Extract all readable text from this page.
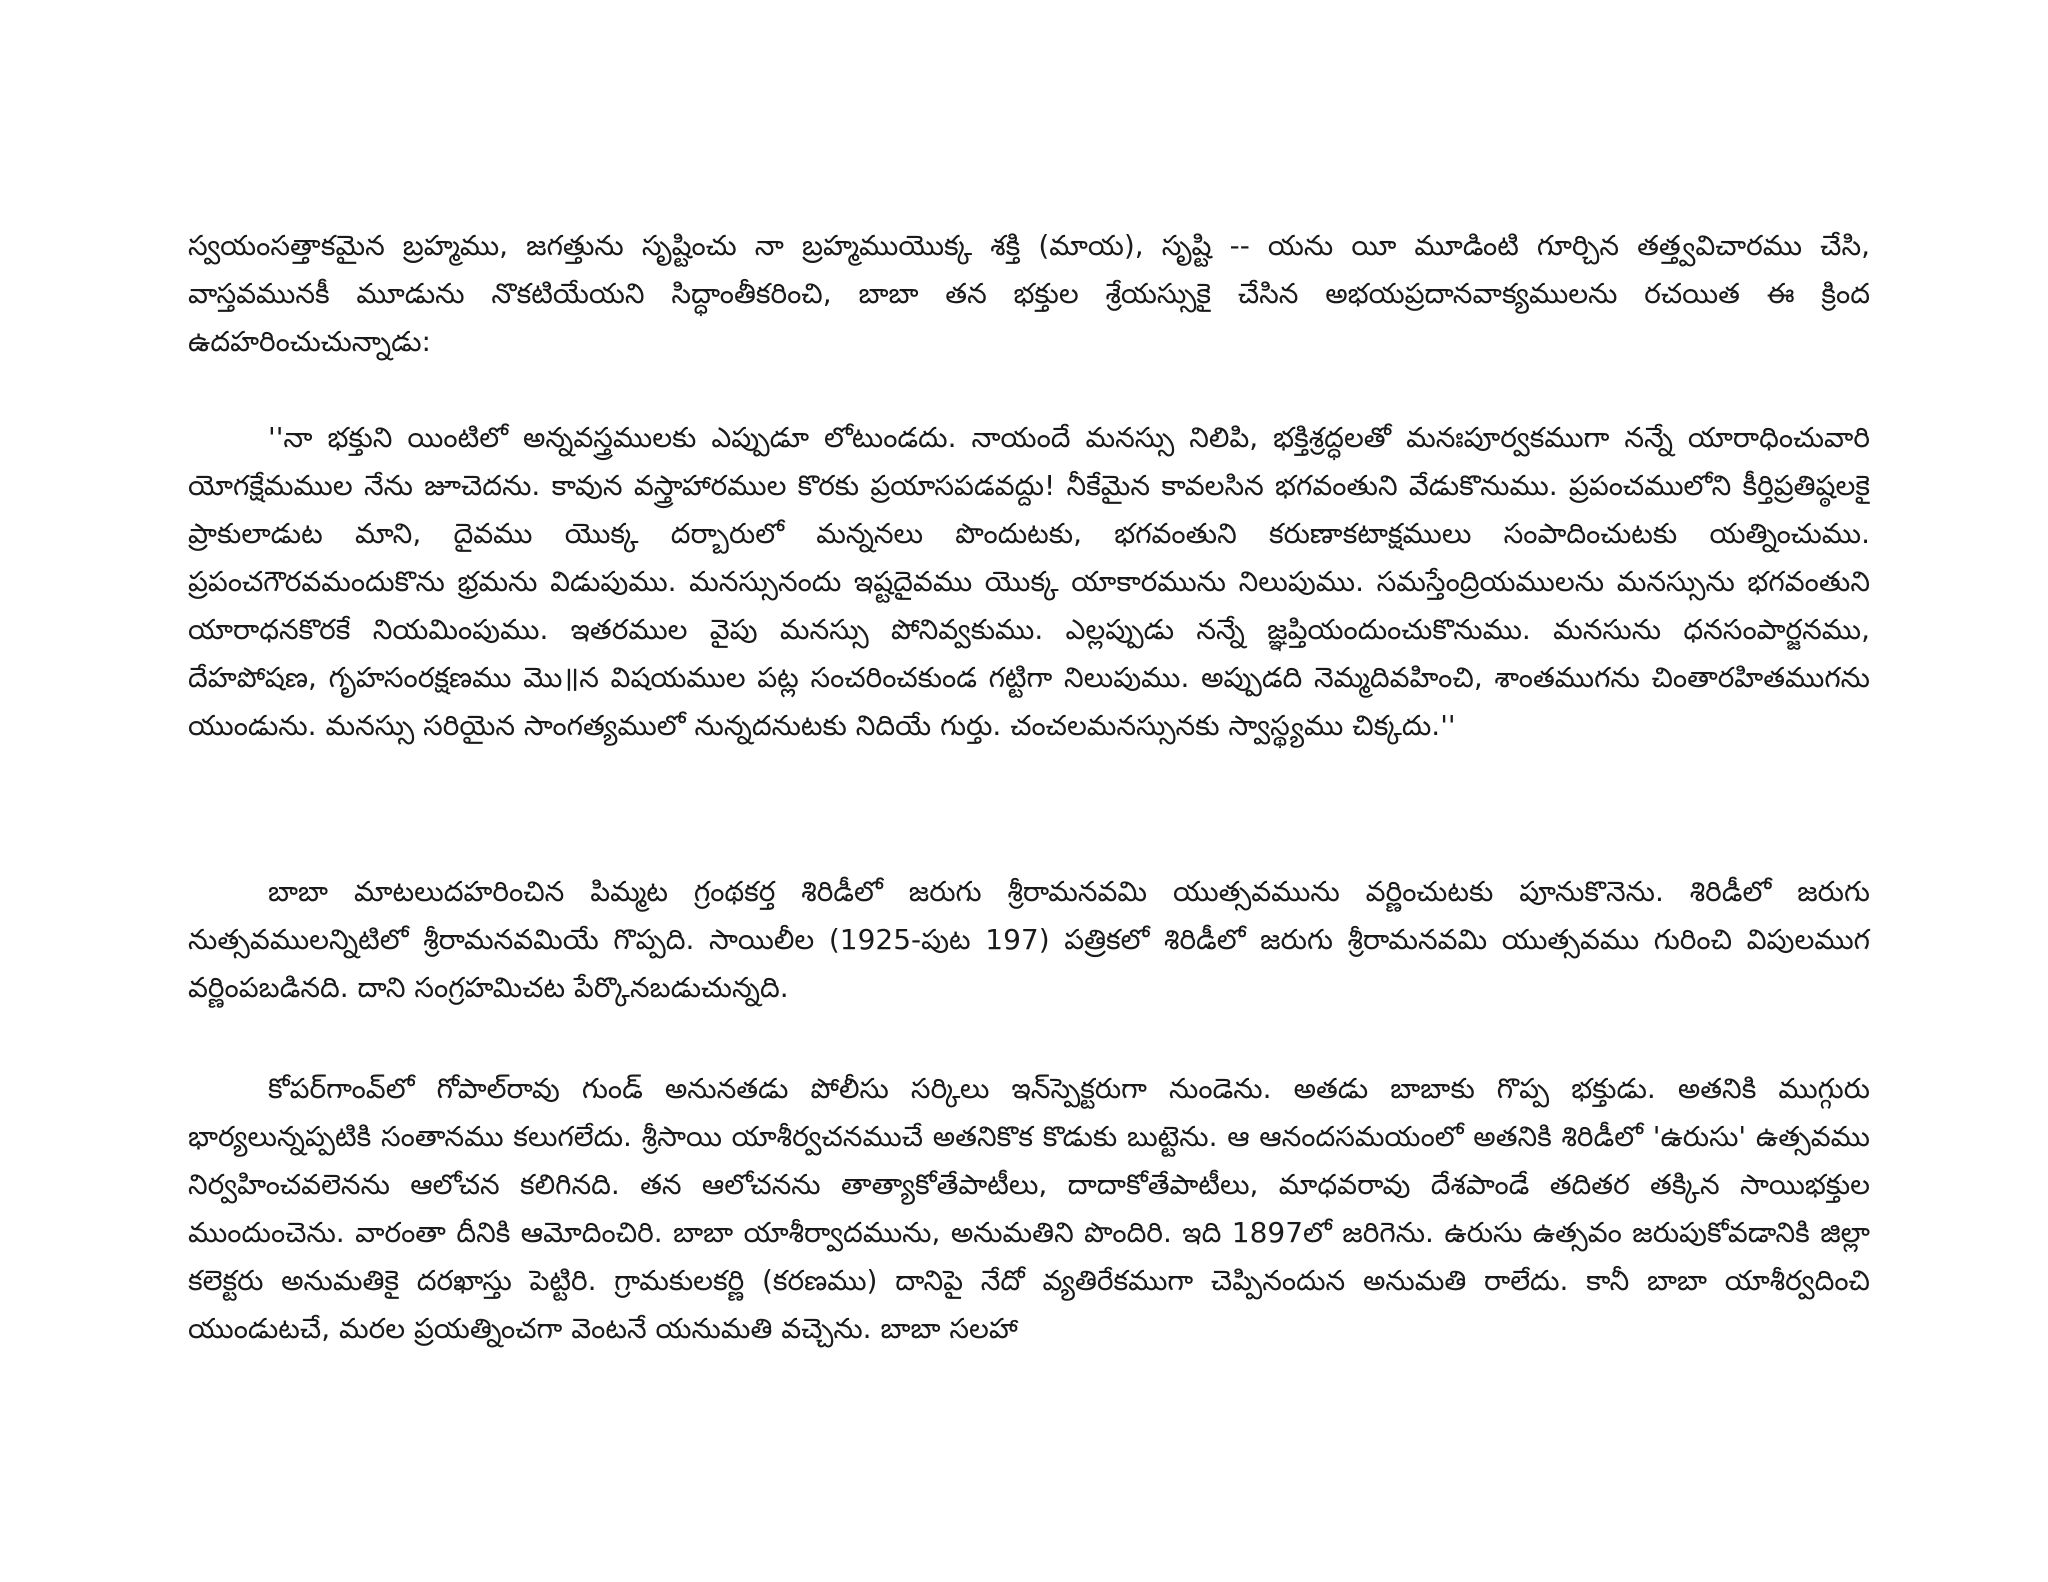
స్వయంసత్తాకమైన బ్రహ్మము, జగత్తును సృష్టించు నా బ్రహ్మముయొక్క శక్తి (మాయ), సృష్టి -- యను యీ మూడింటి గూర్చిన తత్త్వవిచారము చేసి, వాస్తవమునకీ మూడును నొకటియేయని సిద్ధాంతీకరించి, బాబా తన భక్తుల శ్రేయస్సుకై చేసిన అభయప్రదానవాక్యములను రచయిత ఈ క్రింద ఉదహరించుచున్నాడు:

''నా భక్తుని యింటిలో అన్నవస్త్రములకు ఎప్పుడూ లోటుండదు. నాయందే మనస్సు నిలిపి, భక్తిశ్రద్ధలతో మనఃపూర్వకముగా నన్నే యారాధించువారి యోగక్షేమముల నేను జూచెదను. కావున వస్త్రాహారముల కొరకు ప్రయాసపడవద్దు! నీకేమైన కావలసిన భగవంతుని వేడుకొనుము. ప్రపంచములోని కీర్తిప్రతిష్ఠలకై ప్రాకులాడుట మాని, దైవము యొక్క దర్బారులో మన్ననలు పొందుటకు, భగవంతుని కరుణాకటాక్షములు సంపాదించుటకు యత్నించుము. ప్రపంచగౌరవమందుకొను భ్రమను విడుపుము. మనస్సునందు ఇష్టదైవము యొక్క యాకారమును నిలుపుము. సమస్తేంద్రియములను మనస్సును భగవంతుని యారాధనకొరకే నియమింపుము. ఇతరముల వైపు మనస్సు పోనివ్వకుము. ఎల్లప్పుడు నన్నే జ్ఞప్తియందుంచుకొనుము. మనసును ధనసంపార్జనము, దేహపోషణ, గృహసంరక్షణము మొ॥న విషయముల పట్ల సంచరించకుండ గట్టిగా నిలుపుము. అప్పుడది నెమ్మదివహించి, శాంతముగను చింతారహితముగను యుండును. మనస్సు సరియైన సాంగత్యములో నున్నదనుటకు నిదియే గుర్తు. చంచలమనస్సునకు స్వాస్థ్యము చిక్కదు.''

బాబా మాటలుదహరించిన పిమ్మట గ్రంథకర్త శిరిడీలో జరుగు శ్రీరామనవమి యుత్సవమును వర్ణించుటకు పూనుకొనెను. శిరిడీలో జరుగు నుత్సవములన్నిటిలో శ్రీరామనవమియే గొప్పది. సాయిలీల (1925-పుట 197) పత్రికలో శిరిడీలో జరుగు శ్రీరామనవమి యుత్సవము గురించి విపులముగ వర్ణింపబడినది. దాని సంగ్రహమిచట పేర్కొనబడుచున్నది.

కోపర్‌గాంవ్‌లో గోపాల్‌రావు గుండ్ అనునతడు పోలీసు సర్కిలు ఇన్‌స్పెక్టరుగా నుండెను. అతడు బాబాకు గొప్ప భక్తుడు. అతనికి ముగ్గురు భార్యలున్నప్పటికి సంతానము కలుగలేదు. శ్రీసాయి యాశీర్వచనముచే అతనికొక కొడుకు బుట్టెను. ఆ ఆనందసమయంలో అతనికి శిరిడీలో 'ఉరుసు' ఉత్సవము నిర్వహించవలెనను ఆలోచన కలిగినది. తన ఆలోచనను తాత్యాకోతేపాటీలు, దాదాకోతేపాటీలు, మాధవరావు దేశపాండే తదితర తక్కిన సాయిభక్తుల ముందుంచెను. వారంతా దీనికి ఆమోదించిరి. బాబా యాశీర్వాదమును, అనుమతిని పొందిరి. ఇది 1897లో జరిగెను. ఉరుసు ఉత్సవం జరుపుకోవడానికి జిల్లా కలెక్టరు అనుమతికై దరఖాస్తు పెట్టిరి. గ్రామకులకర్ణి (కరణము) దానిపై నేదో వ్యతిరేకముగా చెప్పినందున అనుమతి రాలేదు. కానీ బాబా యాశీర్వదించి యుండుటచే, మరల ప్రయత్నించగా వెంటనే యనుమతి వచ్చెను. బాబా సలహా
